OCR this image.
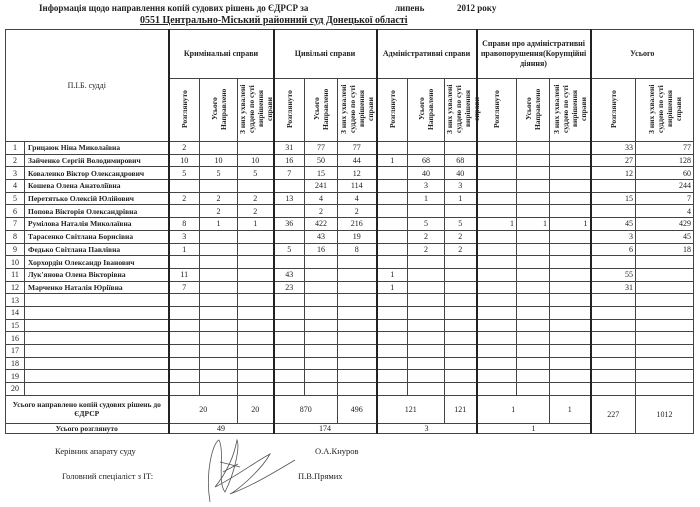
Інформація щодо направлення копій судових рішень до ЄДРСР за	липень	2012 року
0551 Центрально-Міський районний суд Донецької області
П.І.Б. судді		Кримінальні справи			Цивільні справи			Адміністративні справи			Справи про адміністративні правопорушення(Корупційні діяння)			Усього	
		Розглянуто	Усього Направлено	З них ухвалені суддею по суті вирішення справи	Розглянуто	Усього Направлено	З них ухвалені суддею по суті вирішення справи	Розглянуто	Усього Направлено	З них ухвалені суддею по суті вирішення справи	Розглянуто	Усього Направлено	З них ухвалені суддею по суті вирішення справи	Розглянуто	З них ухвалені суддею по суті вирішення справи
1	Грицаюк Ніна Миколаївна	2			31	77	77							33	77
2	Зайченко Сергій Володимирович	10	10	10	16	50	44	1	68	68				27	128
3	Коваленко Віктор Олександрович	5	5	5	7	15	12		40	40				12	60
4	Кошева Олена Анатоліївна					241	114		3	3					244
5	Перетятько Олексій Юлійович	2	2	2	13	4	4		1	1				15	7
6	Попова Вікторія Олександрівна		2	2		2	2								4
7	Румілова Наталія Миколаївна	8	1	1	36	422	216		5	5	1	1	1	45	429
8	Тарасенко Світлана Борисівна	3				43	19		2	2				3	45
9	Федько Світлана Павлівна	1			5	16	8		2	2				6	18
10	Хорхордін Олександр Іванович														
11	Лук'янова Олена Вікторівна	11			43			1						55	
12	Марченко Наталія Юріївна	7			23			1						31	
13															
14															
15															
16															
17															
18															
19															
20															
Усього направлено копій судових рішень до ЄДРСР		20		20	870		496	121		121	1		1	227	1012
Усього розглянуто		49			174			3			1				
Керівник апарату суду	О.А.Кнуров
Головний спеціаліст з IT:	П.В.Прямих
